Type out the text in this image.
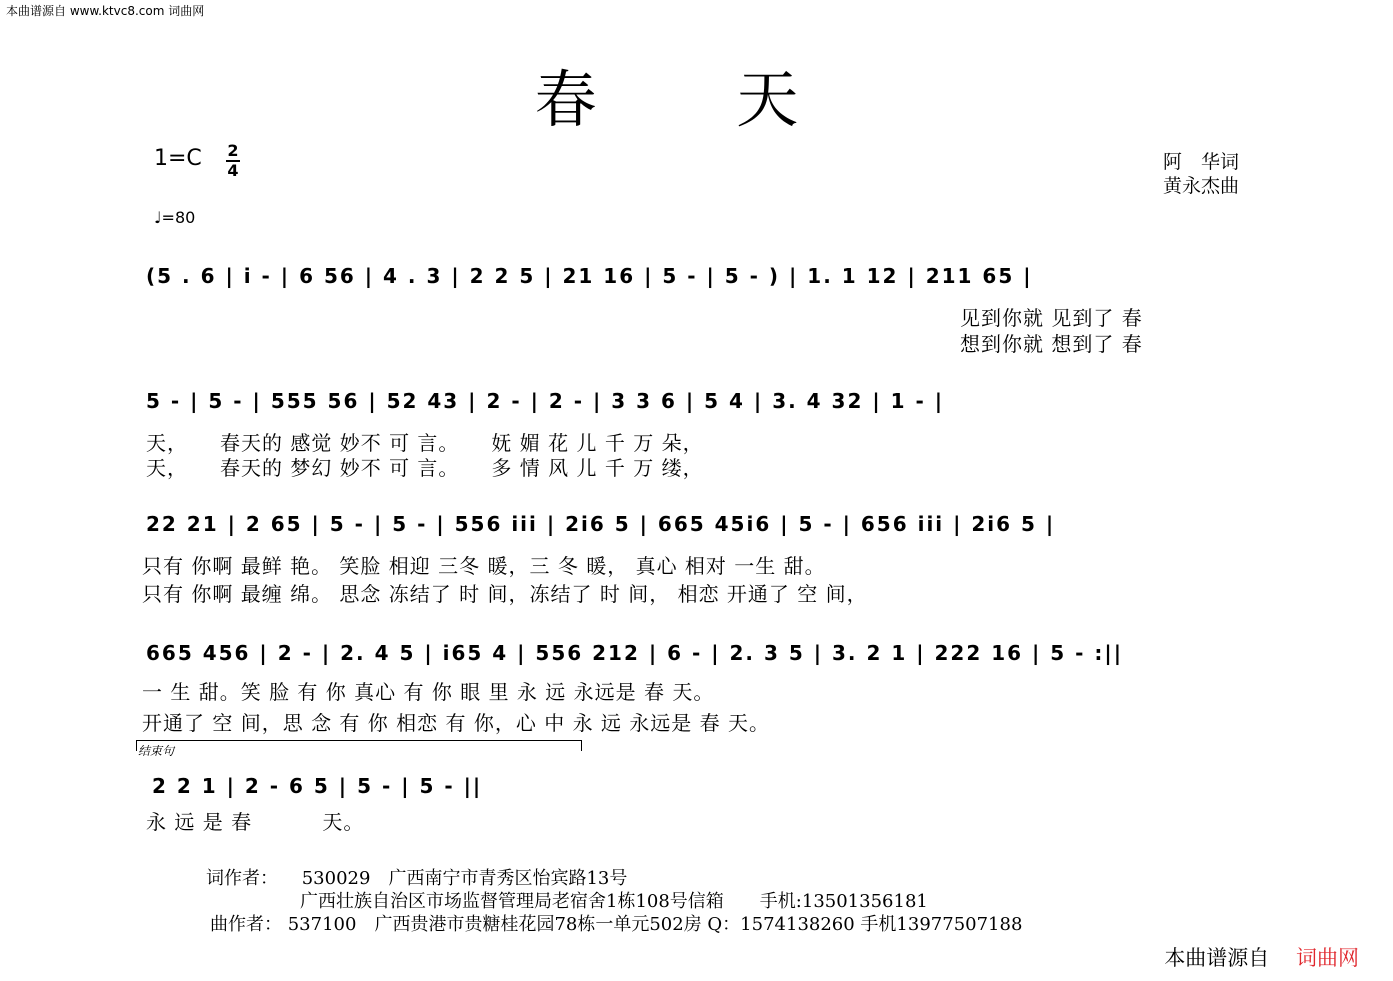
本曲谱源自 www.ktvc8.com 词曲网
春 天
1=C 2
4
♩=80
阿　华词
黄永杰曲
(5 . 6 | i - | 6 56 | 4 . 3 | 2 2 5 | 21 16 | 5 - | 5 - ) | 1. 1 12 | 211 65 |
见到你就 见到了 春
想到你就 想到了 春
5 - | 5 - | 555 56 | 52 43 | 2 - | 2 - | 3 3 6 | 5 4 | 3. 4 32 | 1 - |
天，　　春天的 感觉 妙不 可 言。　　妩 媚 花 儿 千 万 朵，
天，　　春天的 梦幻 妙不 可 言。　　多 情 风 儿 千 万 缕，
22 21 | 2 65 | 5 - | 5 - | 556 iii | 2i6 5 | 665 45i6 | 5 - | 656 iii | 2i6 5 |
只有 你啊 最鲜 艳。 笑脸 相迎 三冬 暖，三 冬 暖， 真心 相对 一生 甜。
只有 你啊 最缠 绵。 思念 冻结了 时 间，冻结了 时 间， 相恋 开通了 空 间，
665 456 | 2 - | 2. 4 5 | i65 4 | 556 212 | 6 - | 2. 3 5 | 3. 2 1 | 222 16 | 5 - :||
一 生 甜。笑 脸 有 你 真心 有 你 眼 里 永 远 永远是 春 天。
开通了 空 间，思 念 有 你 相恋 有 你，心 中 永 远 永远是 春 天。
结束句
2 2 1 | 2 - 6 5 | 5 - | 5 - ||
永 远 是 春　　　 天。
词作者： 530029　广西南宁市青秀区怡宾路13号
广西壮族自治区市场监督管理局老宿舍1栋108号信箱　　手机:13501356181
曲作者： 537100　广西贵港市贵糖桂花园78栋一单元502房 Q：1574138260 手机13977507188
本曲谱源自 词曲网
